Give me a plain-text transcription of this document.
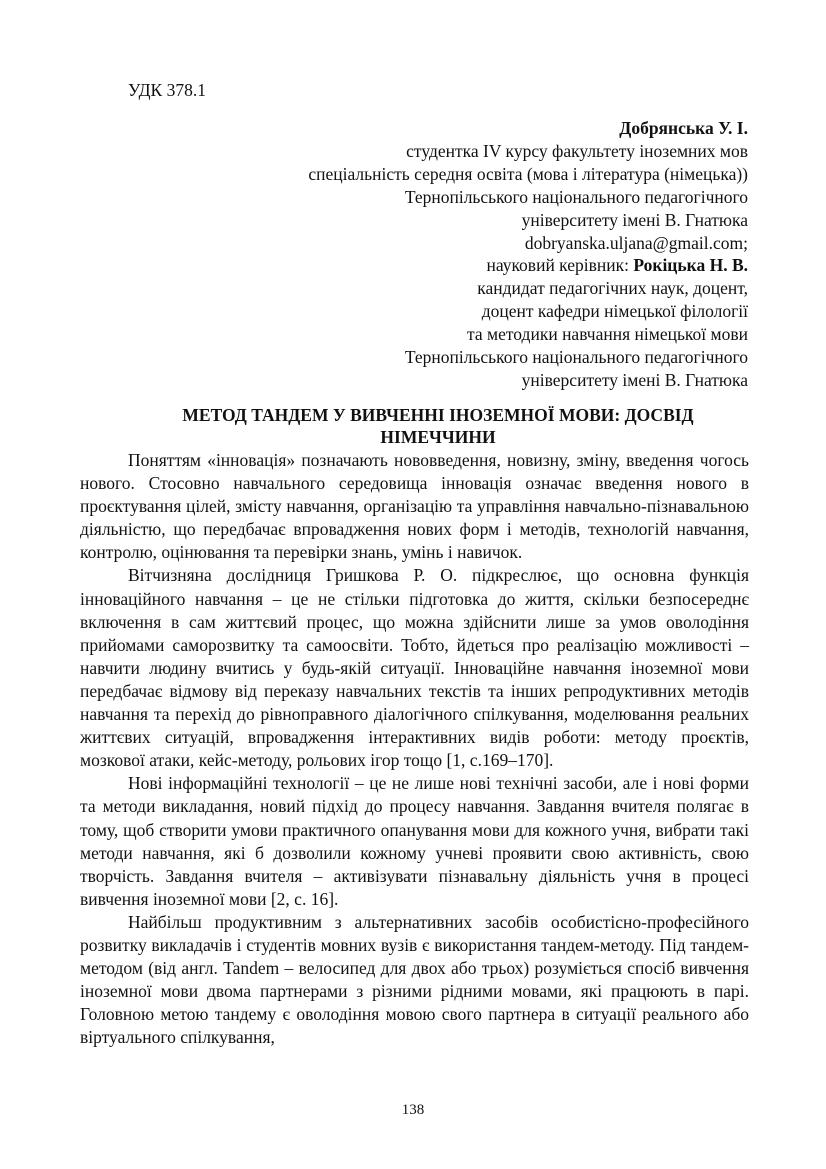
УДК 378.1
Добрянська У. І.
студентка IV курсу факультету іноземних мов
спеціальність середня освіта (мова і література (німецька))
Тернопільського національного педагогічного
університету імені В. Гнатюка
dobryanska.uljana@gmail.com;
науковий керівник: Рокіцька Н. В.
кандидат педагогічних наук, доцент,
доцент кафедри німецької філології
та методики навчання німецької мови
Тернопільського національного педагогічного
університету імені В. Гнатюка
МЕТОД ТАНДЕМ У ВИВЧЕННІ ІНОЗЕМНОЇ МОВИ: ДОСВІД
НІМЕЧЧИНИ

Поняттям «інновація» позначають нововведення, новизну, зміну, введення чогось нового. Стосовно навчального середовища інновація означає введення нового в проєктування цілей, змісту навчання, організацію та управління навчально-пізнавальною діяльністю, що передбачає впровадження нових форм і методів, технологій навчання, контролю, оцінювання та перевірки знань, умінь і навичок.

Вітчизняна дослідниця Гришкова Р. О. підкреслює, що основна функція інноваційного навчання – це не стільки підготовка до життя, скільки безпосереднє включення в сам життєвий процес, що можна здійснити лише за умов оволодіння прийомами саморозвитку та самоосвіти. Тобто, йдеться про реалізацію можливості – навчити людину вчитись у будь-якій ситуації. Інноваційне навчання іноземної мови передбачає відмову від переказу навчальних текстів та інших репродуктивних методів навчання та перехід до рівноправного діалогічного спілкування, моделювання реальних життєвих ситуацій, впровадження інтерактивних видів роботи: методу проєктів, мозкової атаки, кейс-методу, рольових ігор тощо [1, с.169–170].

Нові інформаційні технології – це не лише нові технічні засоби, але і нові форми та методи викладання, новий підхід до процесу навчання. Завдання вчителя полягає в тому, щоб створити умови практичного опанування мови для кожного учня, вибрати такі методи навчання, які б дозволили кожному учневі проявити свою активність, свою творчість. Завдання вчителя – активізувати пізнавальну діяльність учня в процесі вивчення іноземної мови [2, с. 16].

Найбільш продуктивним з альтернативних засобів особистісно-професійного розвитку викладачів і студентів мовних вузів є використання тандем-методу. Під тандем-методом (від англ. Tandem – велосипед для двох або трьох) розуміється спосіб вивчення іноземної мови двома партнерами з різними рідними мовами, які працюють в парі. Головною метою тандему є оволодіння мовою свого партнера в ситуації реального або віртуального спілкування,

138
